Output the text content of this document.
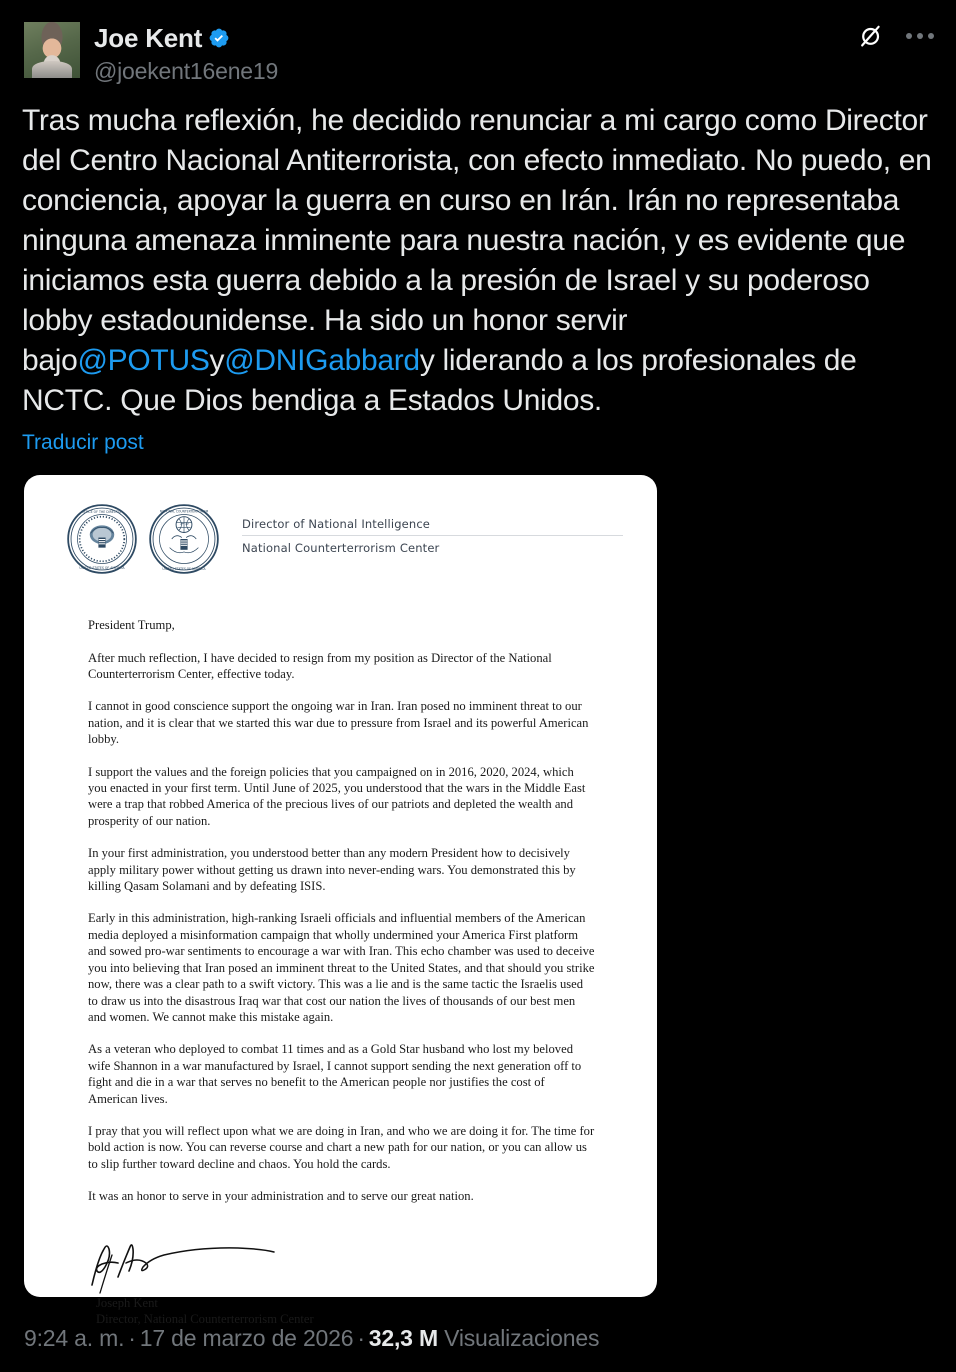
Joe Kent
@joekent16ene19
Tras mucha reflexión, he decidido renunciar a mi cargo como Director del Centro Nacional Antiterrorista, con efecto inmediato. No puedo, en conciencia, apoyar la guerra en curso en Irán. Irán no representaba ninguna amenaza inminente para nuestra nación, y es evidente que iniciamos esta guerra debido a la presión de Israel y su poderoso lobby estadounidense. Ha sido un honor servir bajo@POTUSy@DNIGabbardy liderando a los profesionales de NCTC. Que Dios bendiga a Estados Unidos.
Traducir post
OFFICE OF THE DIRECTOR
UNITED STATES OF AMERICA
NATIONAL COUNTERTERRORISM
UNITED STATES OF AMERICA
Director of National Intelligence
National Counterterrorism Center

President Trump,

After much reflection, I have decided to resign from my position as Director of the National Counterterrorism Center, effective today.

I cannot in good conscience support the ongoing war in Iran. Iran posed no imminent threat to our nation, and it is clear that we started this war due to pressure from Israel and its powerful American lobby.

I support the values and the foreign policies that you campaigned on in 2016, 2020, 2024, which you enacted in your first term. Until June of 2025, you understood that the wars in the Middle East were a trap that robbed America of the precious lives of our patriots and depleted the wealth and prosperity of our nation.

In your first administration, you understood better than any modern President how to decisively apply military power without getting us drawn into never-ending wars. You demonstrated this by killing Qasam Solamani and by defeating ISIS.

Early in this administration, high-ranking Israeli officials and influential members of the American media deployed a misinformation campaign that wholly undermined your America First platform and sowed pro-war sentiments to encourage a war with Iran. This echo chamber was used to deceive you into believing that Iran posed an imminent threat to the United States, and that should you strike now, there was a clear path to a swift victory. This was a lie and is the same tactic the Israelis used to draw us into the disastrous Iraq war that cost our nation the lives of thousands of our best men and women. We cannot make this mistake again.

As a veteran who deployed to combat 11 times and as a Gold Star husband who lost my beloved wife Shannon in a war manufactured by Israel, I cannot support sending the next generation off to fight and die in a war that serves no benefit to the American people nor justifies the cost of American lives.

I pray that you will reflect upon what we are doing in Iran, and who we are doing it for. The time for bold action is now. You can reverse course and chart a new path for our nation, or you can allow us to slip further toward decline and chaos. You hold the cards.

It was an honor to serve in your administration and to serve our great nation.

Joseph Kent
Director, National Counterterrorism Center
9:24 a. m. · 17 de marzo de 2026 · 32,3 M Visualizaciones
